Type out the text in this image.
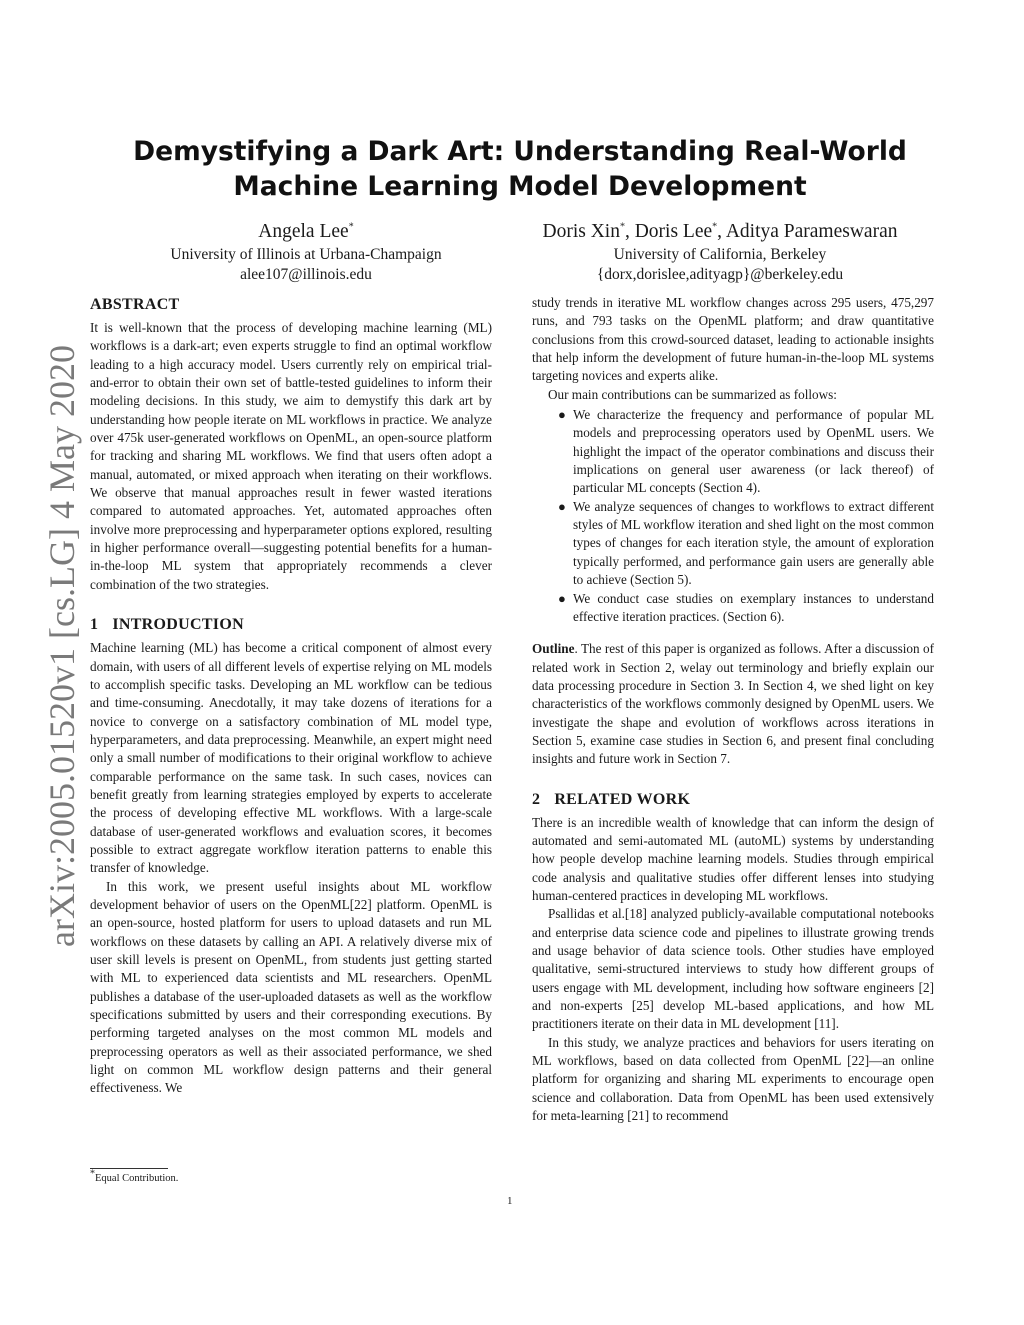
arXiv:2005.01520v1 [cs.LG] 4 May 2020
Demystifying a Dark Art: Understanding Real-World
Machine Learning Model Development
Angela Lee*
University of Illinois at Urbana-Champaign
alee107@illinois.edu
Doris Xin*, Doris Lee*, Aditya Parameswaran
University of California, Berkeley
{dorx,dorislee,adityagp}@berkeley.edu
ABSTRACT

It is well-known that the process of developing machine learning (ML) workflows is a dark-art; even experts struggle to find an optimal workflow leading to a high accuracy model. Users currently rely on empirical trial-and-error to obtain their own set of battle-tested guidelines to inform their modeling decisions. In this study, we aim to demystify this dark art by understanding how people iterate on ML workflows in practice. We analyze over 475k user-generated workflows on OpenML, an open-source platform for tracking and sharing ML workflows. We find that users often adopt a manual, automated, or mixed approach when iterating on their workflows. We observe that manual approaches result in fewer wasted iterations compared to automated approaches. Yet, automated approaches often involve more preprocessing and hyperparameter options explored, resulting in higher performance overall—suggesting potential benefits for a human-in-the-loop ML system that appropriately recommends a clever combination of the two strategies.

1 INTRODUCTION

Machine learning (ML) has become a critical component of almost every domain, with users of all different levels of expertise relying on ML models to accomplish specific tasks. Developing an ML workflow can be tedious and time-consuming. Anecdotally, it may take dozens of iterations for a novice to converge on a satisfactory combination of ML model type, hyperparameters, and data preprocessing. Meanwhile, an expert might need only a small number of modifications to their original workflow to achieve comparable performance on the same task. In such cases, novices can benefit greatly from learning strategies employed by experts to accelerate the process of developing effective ML workflows. With a large-scale database of user-generated workflows and evaluation scores, it becomes possible to extract aggregate workflow iteration patterns to enable this transfer of knowledge.

In this work, we present useful insights about ML workflow development behavior of users on the OpenML[22] platform. OpenML is an open-source, hosted platform for users to upload datasets and run ML workflows on these datasets by calling an API. A relatively diverse mix of user skill levels is present on OpenML, from students just getting started with ML to experienced data scientists and ML researchers. OpenML publishes a database of the user-uploaded datasets as well as the workflow specifications submitted by users and their corresponding executions. By performing targeted analyses on the most common ML models and preprocessing operators as well as their associated performance, we shed light on common ML workflow design patterns and their general effectiveness. We

study trends in iterative ML workflow changes across 295 users, 475,297 runs, and 793 tasks on the OpenML platform; and draw quantitative conclusions from this crowd-sourced dataset, leading to actionable insights that help inform the development of future human-in-the-loop ML systems targeting novices and experts alike.

Our main contributions can be summarized as follows:

● We characterize the frequency and performance of popular ML models and preprocessing operators used by OpenML users. We highlight the impact of the operator combinations and discuss their implications on general user awareness (or lack thereof) of particular ML concepts (Section 4).
● We analyze sequences of changes to workflows to extract different styles of ML workflow iteration and shed light on the most common types of changes for each iteration style, the amount of exploration typically performed, and performance gain users are generally able to achieve (Section 5).
● We conduct case studies on exemplary instances to understand effective iteration practices. (Section 6).

Outline. The rest of this paper is organized as follows. After a discussion of related work in Section 2, welay out terminology and briefly explain our data processing procedure in Section 3. In Section 4, we shed light on key characteristics of the workflows commonly designed by OpenML users. We investigate the shape and evolution of workflows across iterations in Section 5, examine case studies in Section 6, and present final concluding insights and future work in Section 7.

2 RELATED WORK

There is an incredible wealth of knowledge that can inform the design of automated and semi-automated ML (autoML) systems by understanding how people develop machine learning models. Studies through empirical code analysis and qualitative studies offer different lenses into studying human-centered practices in developing ML workflows.

Psallidas et al.[18] analyzed publicly-available computational notebooks and enterprise data science code and pipelines to illustrate growing trends and usage behavior of data science tools. Other studies have employed qualitative, semi-structured interviews to study how different groups of users engage with ML development, including how software engineers [2] and non-experts [25] develop ML-based applications, and how ML practitioners iterate on their data in ML development [11].

In this study, we analyze practices and behaviors for users iterating on ML workflows, based on data collected from OpenML [22]—an online platform for organizing and sharing ML experiments to encourage open science and collaboration. Data from OpenML has been used extensively for meta-learning [21] to recommend

*Equal Contribution.
1
